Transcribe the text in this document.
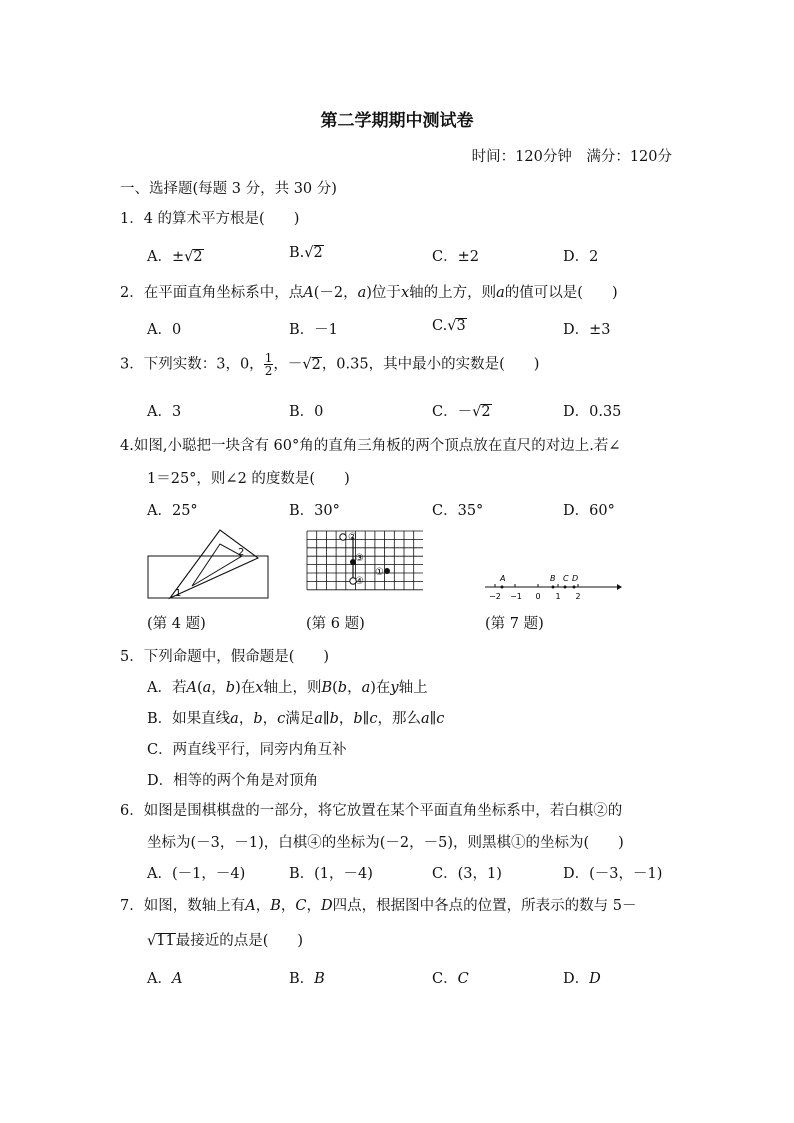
第二学期期中测试卷
时间：120分钟　满分：120分
一、选择题(每题 3 分，共 30 分)
1．4 的算术平方根是(　　)
A．±√2	B.√2	C．±2	D．2
2．在平面直角坐标系中，点A(－2，a)位于x轴的上方，则a的值可以是(　　)
A．0	B．－1	C.√3	D．±3
3．下列实数：3，0， $\frac{1}{2}$ ，－√2，0.35，其中最小的实数是(　　)
A．3	B．0	C．－√2	D．0.35
4.如图,小聪把一块含有 60°角的直角三角板的两个顶点放在直尺的对边上.若∠
1＝25°，则∠2 的度数是(　　)
A．25°	B．30°	C．35°	D．60°
1
2
(第 4 题)
②
③
①
④
(第 6 题)
A	B C D
−2 −1 0 1 2
(第 7 题)
5．下列命题中，假命题是(　　)
A．若A(a，b)在x轴上，则B(b，a)在y轴上
B．如果直线a，b，c满足a∥b，b∥c，那么a∥c
C．两直线平行，同旁内角互补
D．相等的两个角是对顶角
6．如图是围棋棋盘的一部分，将它放置在某个平面直角坐标系中，若白棋②的
坐标为(－3，－1)，白棋④的坐标为(－2，－5)，则黑棋①的坐标为(　　)
A．(－1，－4)	B．(1，－4)	C．(3，1)	D．(－3，－1)
7．如图，数轴上有A，B，C，D四点，根据图中各点的位置，所表示的数与 5－
√11最接近的点是(　　)
A．A	B．B	C．C	D．D
